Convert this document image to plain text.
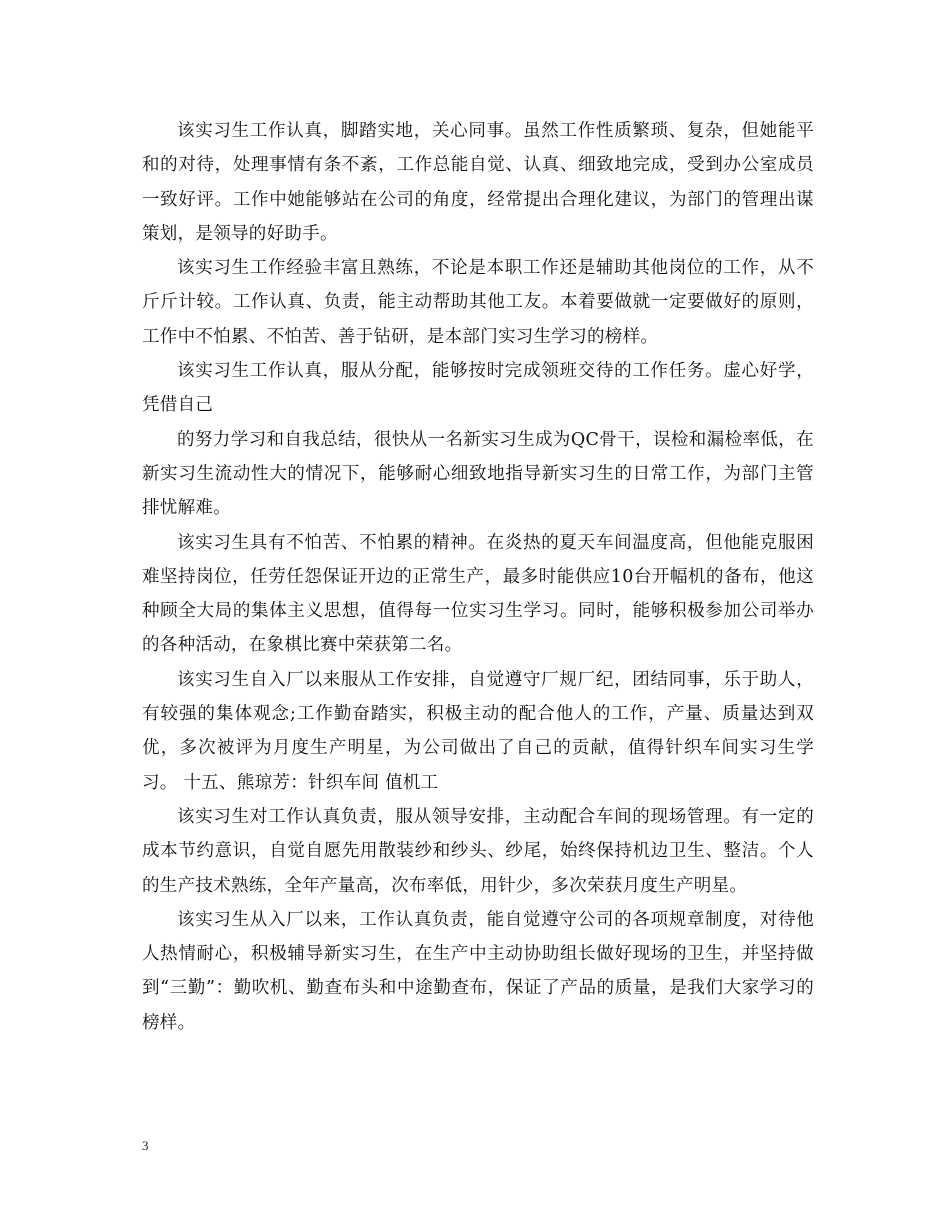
该实习生工作认真，脚踏实地，关心同事。虽然工作性质繁琐、复杂，但她能平和的对待，处理事情有条不紊，工作总能自觉、认真、细致地完成，受到办公室成员一致好评。工作中她能够站在公司的角度，经常提出合理化建议，为部门的管理出谋策划，是领导的好助手。

该实习生工作经验丰富且熟练，不论是本职工作还是辅助其他岗位的工作，从不斤斤计较。工作认真、负责，能主动帮助其他工友。本着要做就一定要做好的原则，工作中不怕累、不怕苦、善于钻研，是本部门实习生学习的榜样。

该实习生工作认真，服从分配，能够按时完成领班交待的工作任务。虚心好学，凭借自己

的努力学习和自我总结，很快从一名新实习生成为QC骨干，误检和漏检率低，在新实习生流动性大的情况下，能够耐心细致地指导新实习生的日常工作，为部门主管排忧解难。

该实习生具有不怕苦、不怕累的精神。在炎热的夏天车间温度高，但他能克服困难坚持岗位，任劳任怨保证开边的正常生产，最多时能供应10台开幅机的备布，他这种顾全大局的集体主义思想，值得每一位实习生学习。同时，能够积极参加公司举办的各种活动，在象棋比赛中荣获第二名。

该实习生自入厂以来服从工作安排，自觉遵守厂规厂纪，团结同事，乐于助人，有较强的集体观念;工作勤奋踏实，积极主动的配合他人的工作，产量、质量达到双优，多次被评为月度生产明星，为公司做出了自己的贡献，值得针织车间实习生学习。 十五、熊琼芳：针织车间 值机工

该实习生对工作认真负责，服从领导安排，主动配合车间的现场管理。有一定的成本节约意识，自觉自愿先用散装纱和纱头、纱尾，始终保持机边卫生、整洁。个人的生产技术熟练，全年产量高，次布率低，用针少，多次荣获月度生产明星。

该实习生从入厂以来，工作认真负责，能自觉遵守公司的各项规章制度，对待他人热情耐心，积极辅导新实习生，在生产中主动协助组长做好现场的卫生，并坚持做到“三勤”：勤吹机、勤查布头和中途勤查布，保证了产品的质量，是我们大家学习的榜样。

3
